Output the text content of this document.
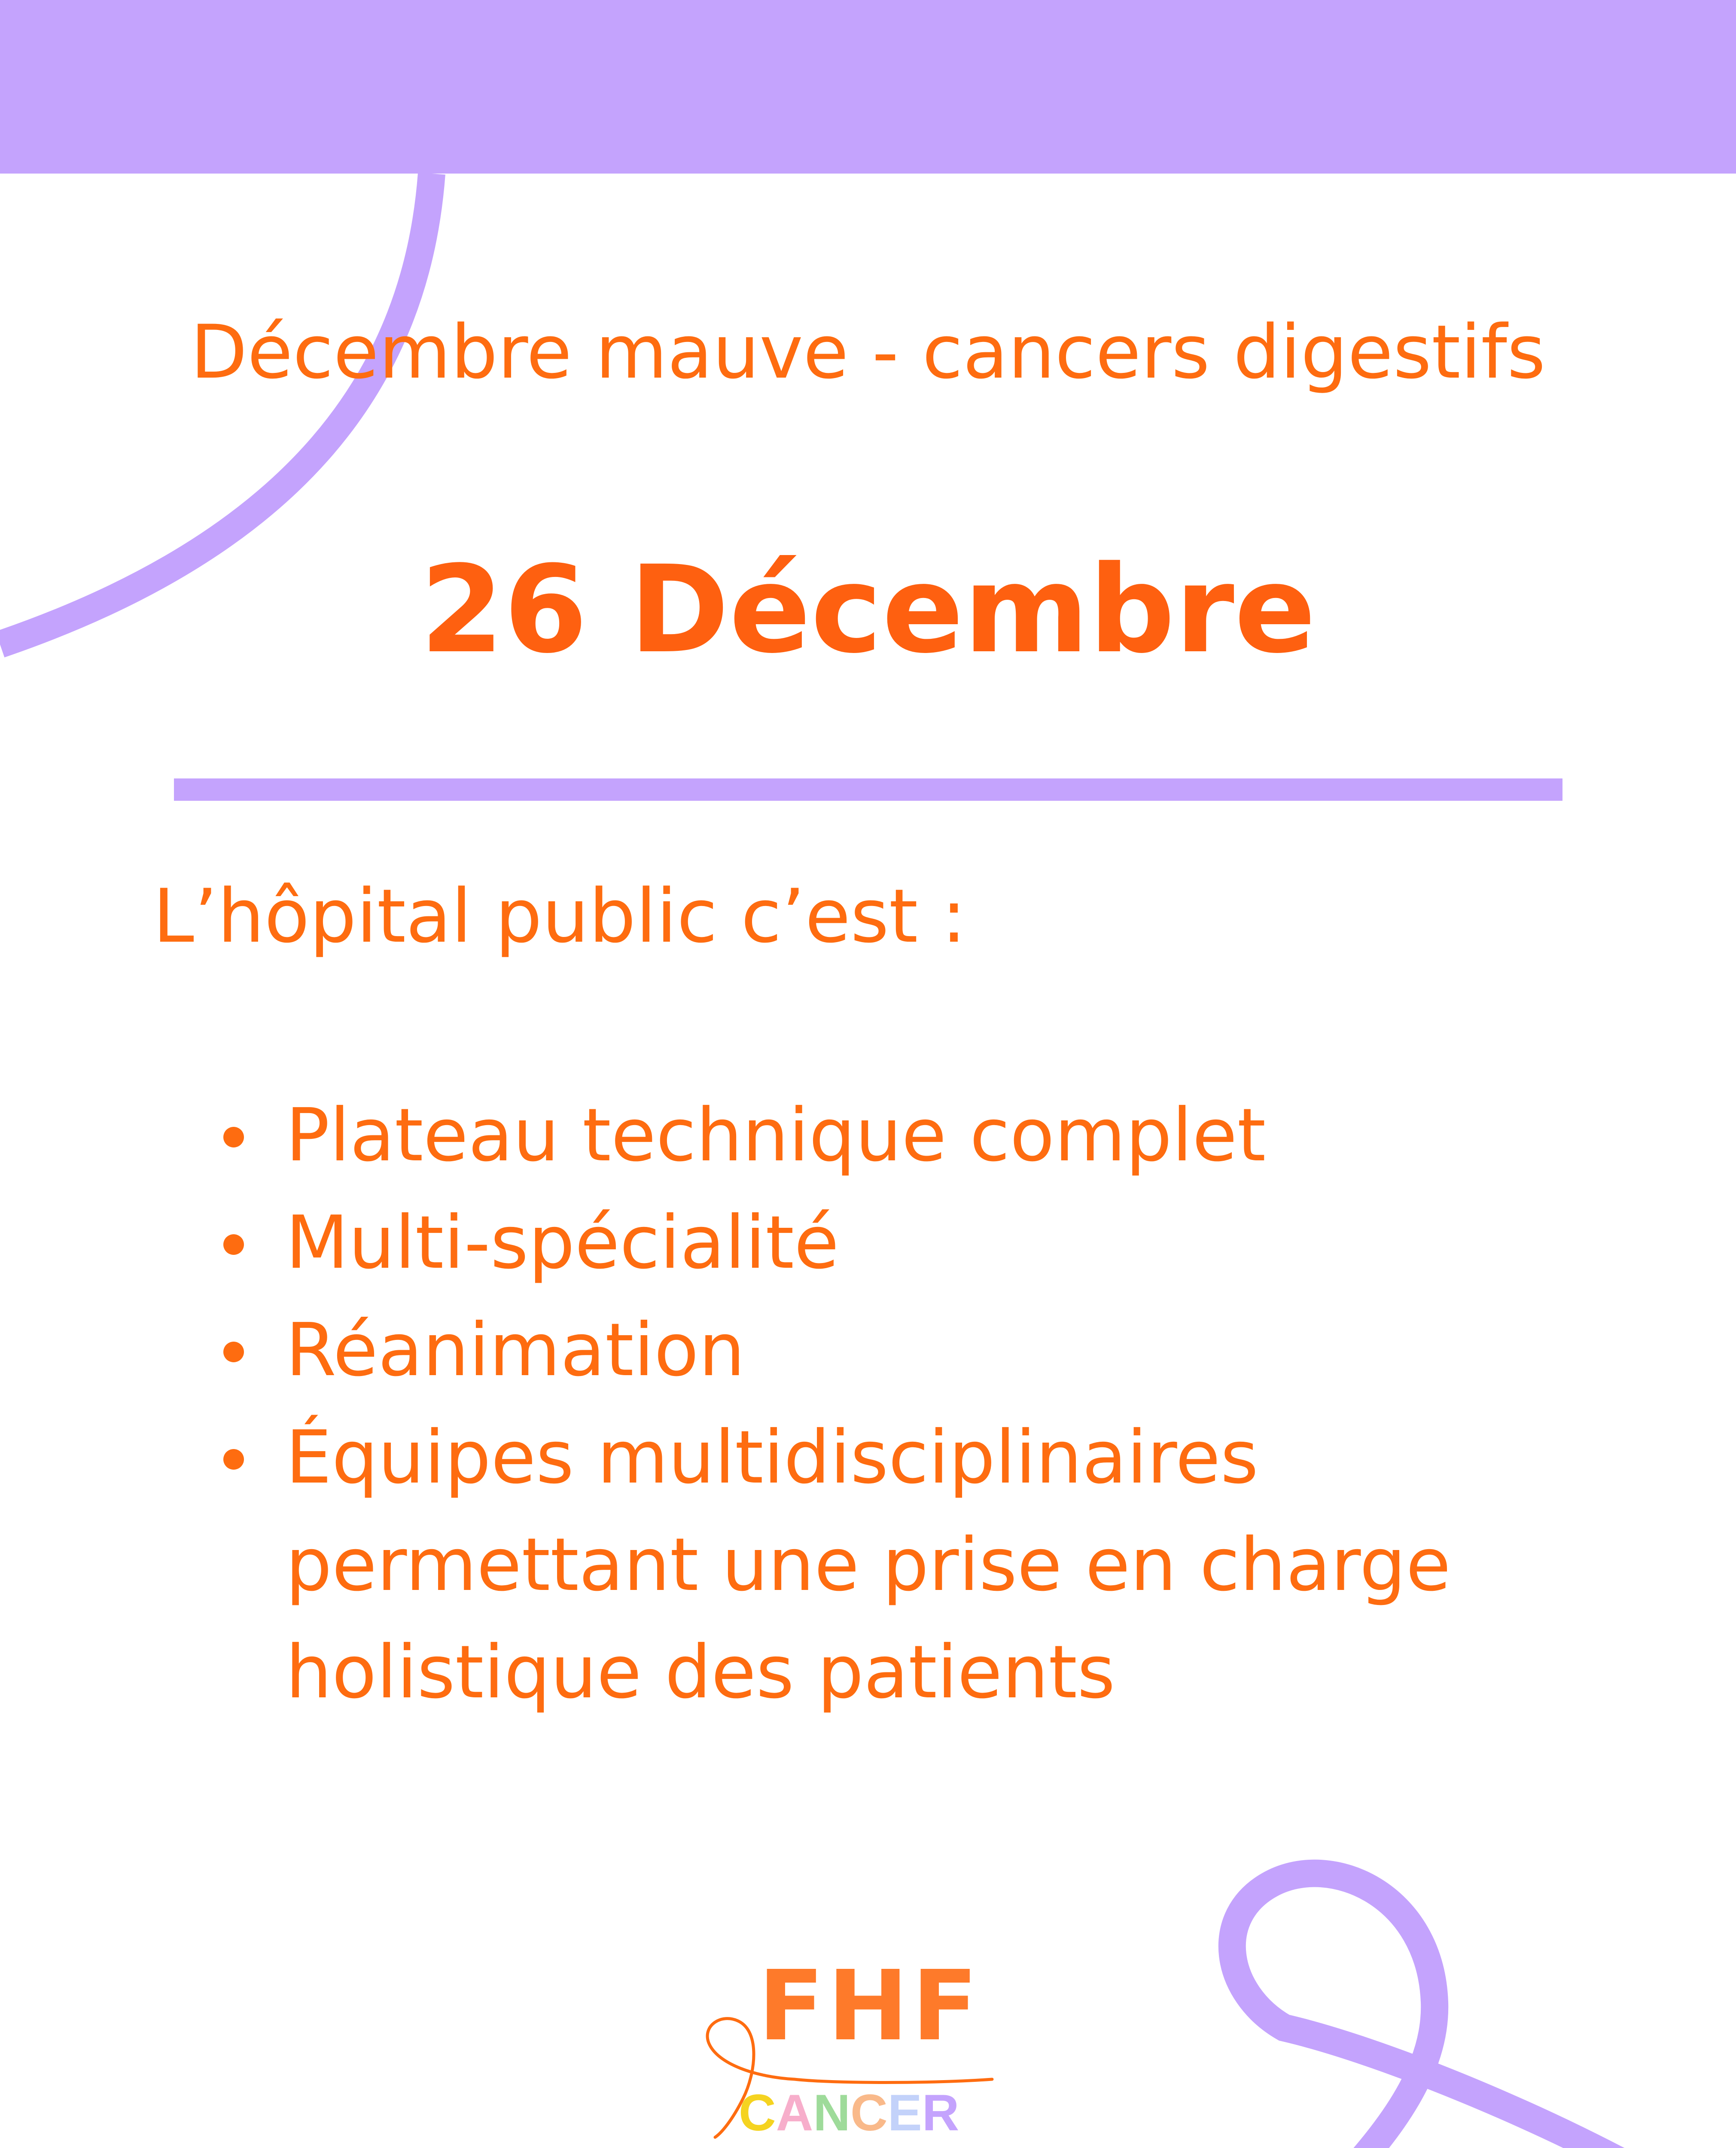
Décembre mauve - cancers digestifs
26 Décembre
L’hôpital public c’est :
Plateau technique complet
Multi-spécialité
Réanimation
Équipes multidisciplinaires permettant une prise en charge holistique des patients
F H F
C A N C E R
